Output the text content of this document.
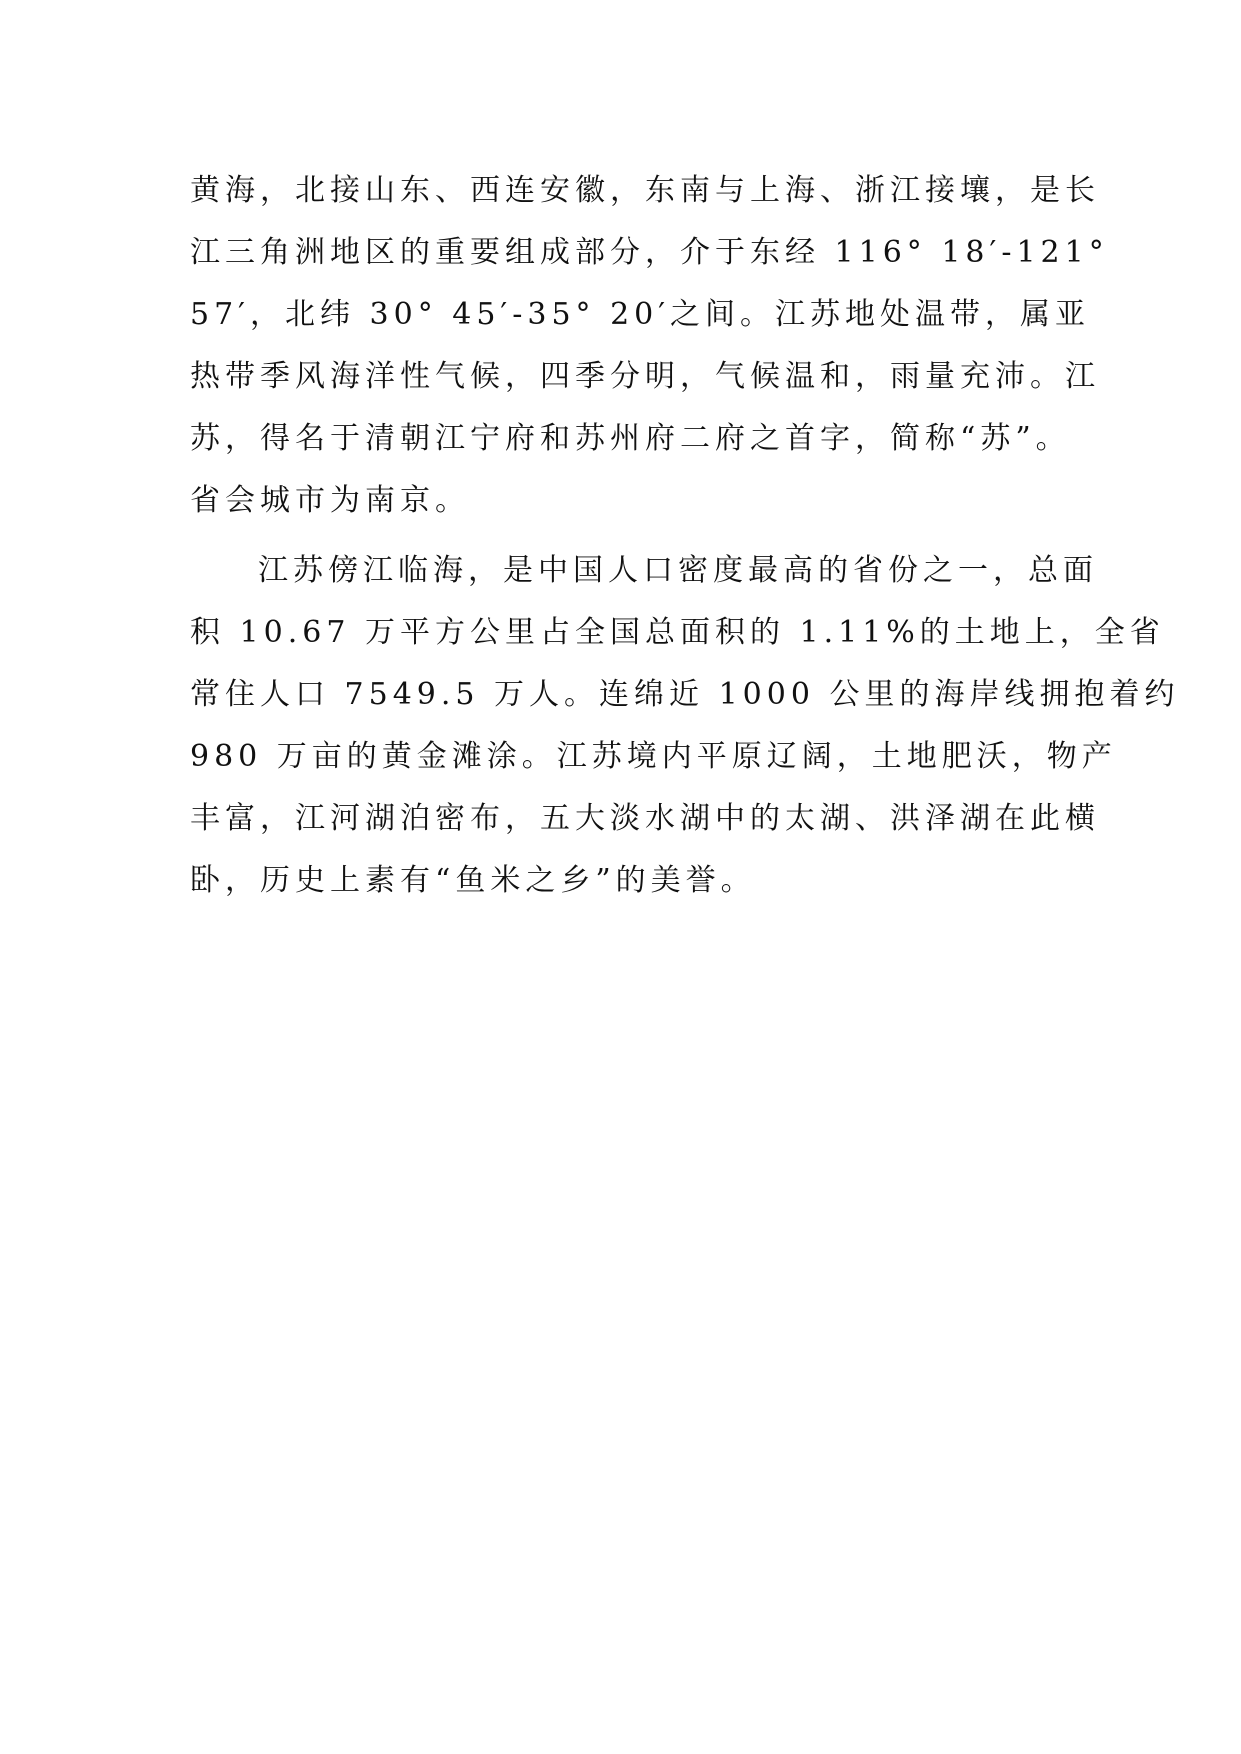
黄海，北接山东、西连安徽，东南与上海、浙江接壤，是长
江三角洲地区的重要组成部分，介于东经 116° 18′-121°
57′，北纬 30° 45′-35° 20′之间。江苏地处温带，属亚
热带季风海洋性气候，四季分明，气候温和，雨量充沛。江
苏，得名于清朝江宁府和苏州府二府之首字，简称“苏”。
省会城市为南京。
江苏傍江临海，是中国人口密度最高的省份之一，总面
积 10.67 万平方公里占全国总面积的 1.11%的土地上，全省
常住人口 7549.5 万人。连绵近 1000 公里的海岸线拥抱着约
980 万亩的黄金滩涂。江苏境内平原辽阔，土地肥沃，物产
丰富，江河湖泊密布，五大淡水湖中的太湖、洪泽湖在此横
卧，历史上素有“鱼米之乡”的美誉。
